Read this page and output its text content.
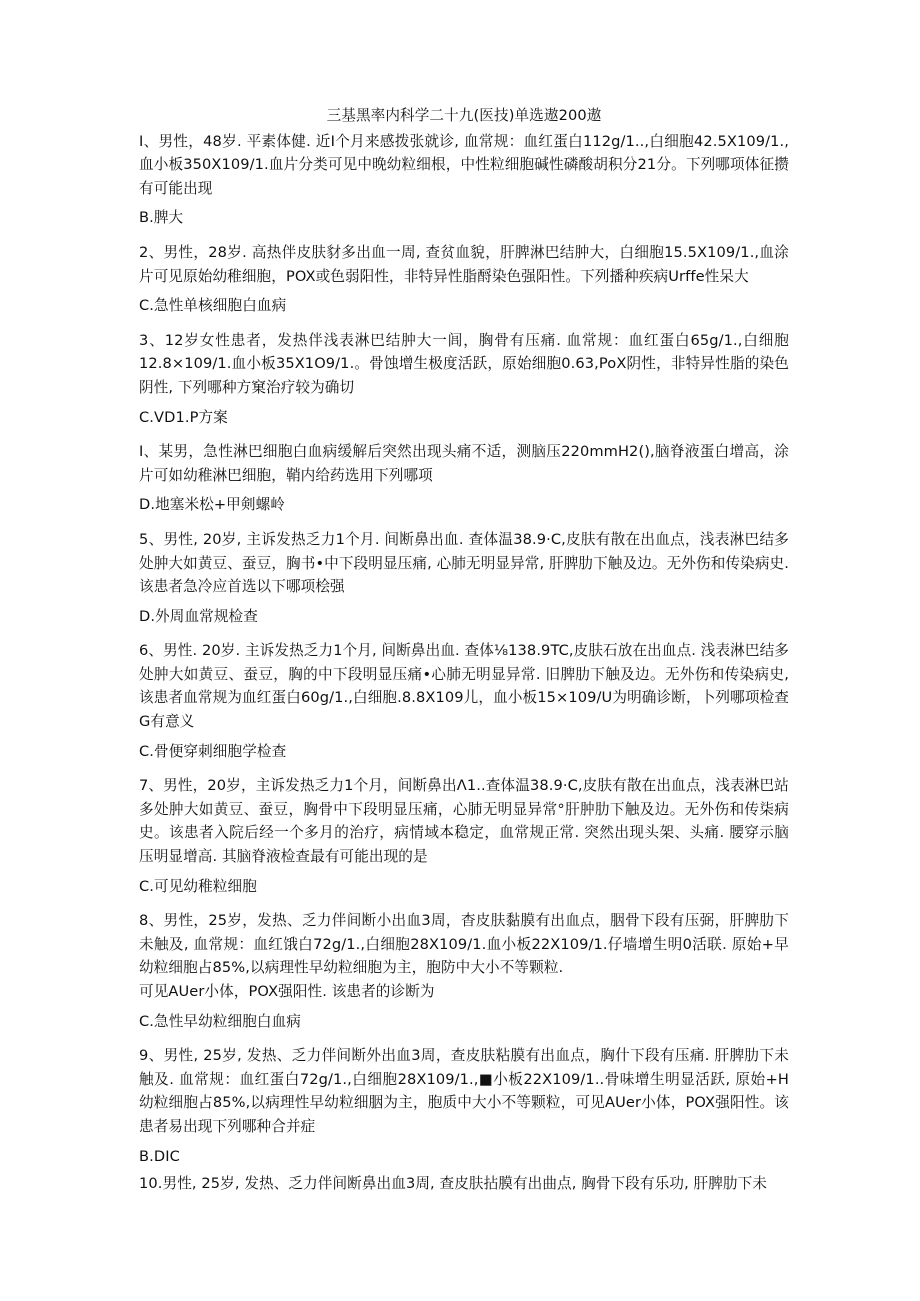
三基黑率内科学二十九(医技)单选遨200遨

I、男性，48岁. 平素体健. 近Ⅰ个月来感拨张就诊, 血常规：血红蛋白112g∕1..,白细胞42.5X109/1.,血小板350X109/1.血片分类可见中晚幼粒细根，中性粒细胞碱性磷酸胡积分21分。下列哪项体征攒有可能出现

B.脾大

2、男性，28岁. 高热伴皮肤豺多出血一周, 查贫血貌，肝脾淋巴结肿大，白细胞15.5X109/1.,血涂片可见原始幼稚细胞，POX或色弱阳性，非特异性脂酹染色强阳性。下列播种疾病Urffe性呆大

C.急性单核细胞白血病

3、12岁女性患者，发热伴浅表淋巴结肿大一闾，胸骨有压痛. 血常规：血红蛋白65g∕1.,白细胞12.8×109/1.血小板35X1O9/1.。骨蚀增生极度活跃，原始细胞0.63,PoX阴性，非特异性脂的染色阴性, 下列哪种方窠治疗较为确切

C.VD1.P方案

I、某男，急性淋巴细胞白血病缓解后突然出现头痛不适，测脑压220mmH2(),脑脊液蛋白增高，涂片可如幼稚淋巴细胞，鞘内给药选用下列哪项

D.地塞米松+甲剣螺岭

5、男性, 20岁, 主诉发热乏力1个月. 间断鼻出血. 查体温38.9·C,皮肤有散在出血点，浅表淋巴结多处肿大如黄豆、蚕豆，胸书•中下段明显压痛, 心肺无明显异常, 肝脾肋下触及边。无外伤和传染病史. 该患者急冷应首选以下哪项桧强

D.外周血常规检查

6、男性. 20岁. 主诉发热乏力1个月, 间断鼻出血. 查体⅛138.9TC,皮肤石放在出血点. 浅表淋巴结多处肿大如黄豆、蚕豆，胸的中下段明显压痛•心肺无明显异常. 旧脾肋下触及边。无外伤和传染病史, 该患者血常规为血红蛋白60g∕1.,白细胞.8.8X109儿，血小板15×109∕U为明确诊断，卜列哪项检查G有意义

C.骨便穿刺细胞学检查

7、男性，20岁，主诉发热乏力1个月，间断鼻出Λ1..查体温38.9·C,皮肤有散在出血点，浅表淋巴站多处肿大如黄豆、蚕豆，胸骨中下段明显压痛，心肺无明显异常°肝肿肋下触及边。无外伤和传柒病史。该患者入院后经一个多月的治疗，病情域本稳定，血常规正常. 突然出现头架、头痛. 腰穿示脑压明显增高. 其脑脊液检查最有可能出现的是

C.可见幼稚粒细胞

8、男性，25岁，发热、乏力伴间断小出血3周，杳皮肤黏膜有出血点，胭骨下段有压弼，肝脾肋下未触及, 血常规：血红饿白72g∕1.,白细胞28X109/1.血小板22X109/1.仔墙增生明0活联. 原始+早幼粒细胞占85%,以病理性早幼粒细胞为主，胞防中大小不等颗粒.

可见AUer小体，POX强阳性. 该患者的诊断为

C.急性早幼粒细胞白血病

9、男性, 25岁, 发热、乏力伴间断外出血3周，查皮肤粘膜有出血点，胸什下段有压痛. 肝脾肋下未触及. 血常规：血红蛋白72g∕1.,白细胞28X109/1.,■小板22X109/1..骨味增生明显活跃, 原始+H幼粒细胞占85%,以病理性早幼粒细胭为主，胞质中大小不等颗粒，可见AUer小体，POX强阳性。该患者易出现下列哪种合并症

B.DIC

10.男性, 25岁, 发热、乏力伴间断鼻出血3周, 查皮肤拈膜有出曲点, 胸骨下段有乐功, 肝脾肋下未
